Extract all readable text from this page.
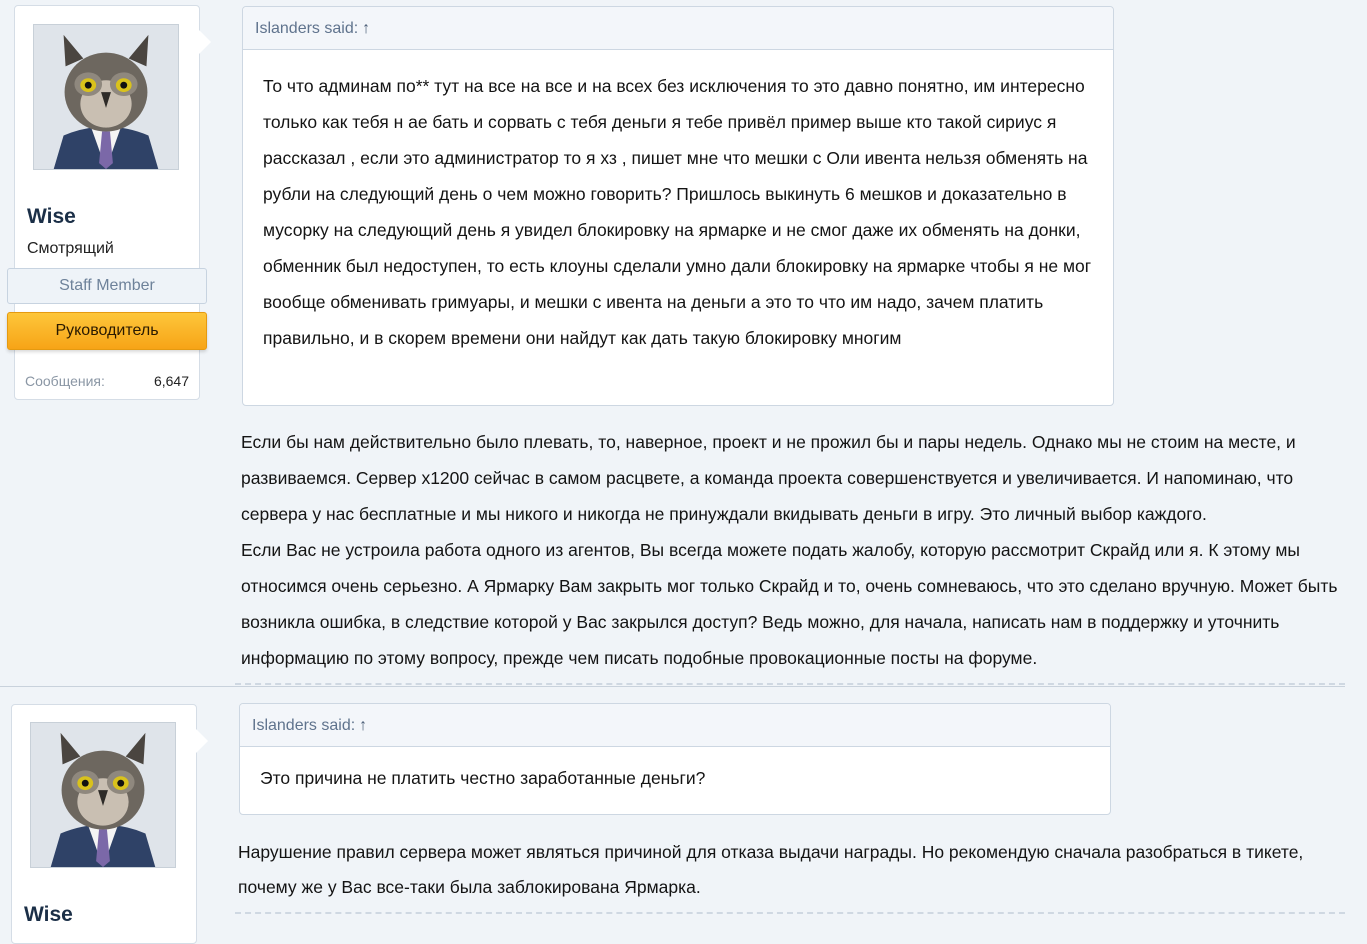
Wise
Смотрящий
Staff Member
Руководитель
Сообщения:	6,647
Islanders said: ↑
То что админам по** тут на все на все и на всех без исключения то это давно понятно, им интересно только как тебя н ае бать и сорвать с тебя деньги я тебе привёл пример выше кто такой сириус я рассказал , если это администратор то я хз , пишет мне что мешки с Оли ивента нельзя обменять на рубли на следующий день о чем можно говорить? Пришлось выкинуть 6 мешков и доказательно в мусорку на следующий день я увидел блокировку на ярмарке и не смог даже их обменять на донки, обменник был недоступен, то есть клоуны сделали умно дали блокировку на ярмарке чтобы я не мог вообще обменивать гримуары, и мешки с ивента на деньги а это то что им надо, зачем платить правильно, и в скорем времени они найдут как дать такую блокировку многим

Если бы нам действительно было плевать, то, наверное, проект и не прожил бы и пары недель. Однако мы не стоим на месте, и развиваемся. Сервер x1200 сейчас в самом расцвете, а команда проекта совершенствуется и увеличивается. И напоминаю, что сервера у нас бесплатные и мы никого и никогда не принуждали вкидывать деньги в игру. Это личный выбор каждого.

Если Вас не устроила работа одного из агентов, Вы всегда можете подать жалобу, которую рассмотрит Скрайд или я. К этому мы относимся очень серьезно. А Ярмарку Вам закрыть мог только Скрайд и то, очень сомневаюсь, что это сделано вручную. Может быть возникла ошибка, в следствие которой у Вас закрылся доступ? Ведь можно, для начала, написать нам в поддержку и уточнить информацию по этому вопросу, прежде чем писать подобные провокационные посты на форуме.

Wise
Islanders said: ↑
Это причина не платить честно заработанные деньги?

Нарушение правил сервера может являться причиной для отказа выдачи награды. Но рекомендую сначала разобраться в тикете, почему же у Вас все-таки была заблокирована Ярмарка.
